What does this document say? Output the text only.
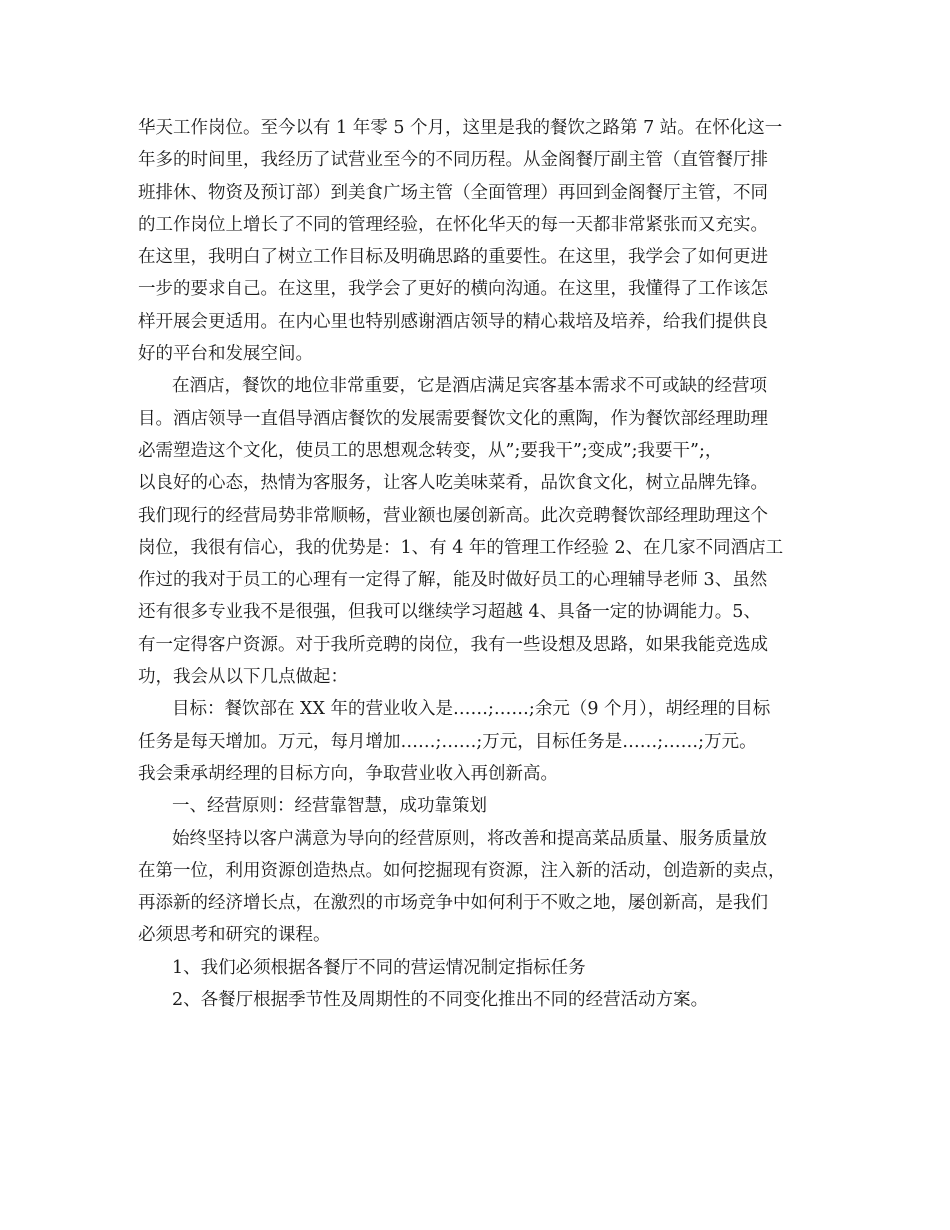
华天工作岗位。至今以有 1 年零 5 个月，这里是我的餐饮之路第 7 站。在怀化这一
年多的时间里，我经历了试营业至今的不同历程。从金阁餐厅副主管（直管餐厅排
班排休、物资及预订部）到美食广场主管（全面管理）再回到金阁餐厅主管，不同
的工作岗位上增长了不同的管理经验，在怀化华天的每一天都非常紧张而又充实。
在这里，我明白了树立工作目标及明确思路的重要性。在这里，我学会了如何更进
一步的要求自己。在这里，我学会了更好的横向沟通。在这里，我懂得了工作该怎
样开展会更适用。在内心里也特别感谢酒店领导的精心栽培及培养，给我们提供良
好的平台和发展空间。
在酒店，餐饮的地位非常重要，它是酒店满足宾客基本需求不可或缺的经营项
目。酒店领导一直倡导酒店餐饮的发展需要餐饮文化的熏陶，作为餐饮部经理助理
必需塑造这个文化，使员工的思想观念转变，从”;要我干”;变成”;我要干”;，
以良好的心态，热情为客服务，让客人吃美味菜肴，品饮食文化，树立品牌先锋。
我们现行的经营局势非常顺畅，营业额也屡创新高。此次竞聘餐饮部经理助理这个
岗位，我很有信心，我的优势是：1、有 4 年的管理工作经验 2、在几家不同酒店工
作过的我对于员工的心理有一定得了解，能及时做好员工的心理辅导老师 3、虽然
还有很多专业我不是很强，但我可以继续学习超越 4、具备一定的协调能力。5、
有一定得客户资源。对于我所竞聘的岗位，我有一些设想及思路，如果我能竞选成
功，我会从以下几点做起：
目标：餐饮部在 XX 年的营业收入是……;……;余元（9 个月），胡经理的目标
任务是每天增加。万元，每月增加……;……;万元，目标任务是……;……;万元。
我会秉承胡经理的目标方向，争取营业收入再创新高。
一、经营原则：经营靠智慧，成功靠策划
始终坚持以客户满意为导向的经营原则，将改善和提高菜品质量、服务质量放
在第一位，利用资源创造热点。如何挖掘现有资源，注入新的活动，创造新的卖点，
再添新的经济增长点，在激烈的市场竞争中如何利于不败之地，屡创新高，是我们
必须思考和研究的课程。
1、我们必须根据各餐厅不同的营运情况制定指标任务
2、各餐厅根据季节性及周期性的不同变化推出不同的经营活动方案。
